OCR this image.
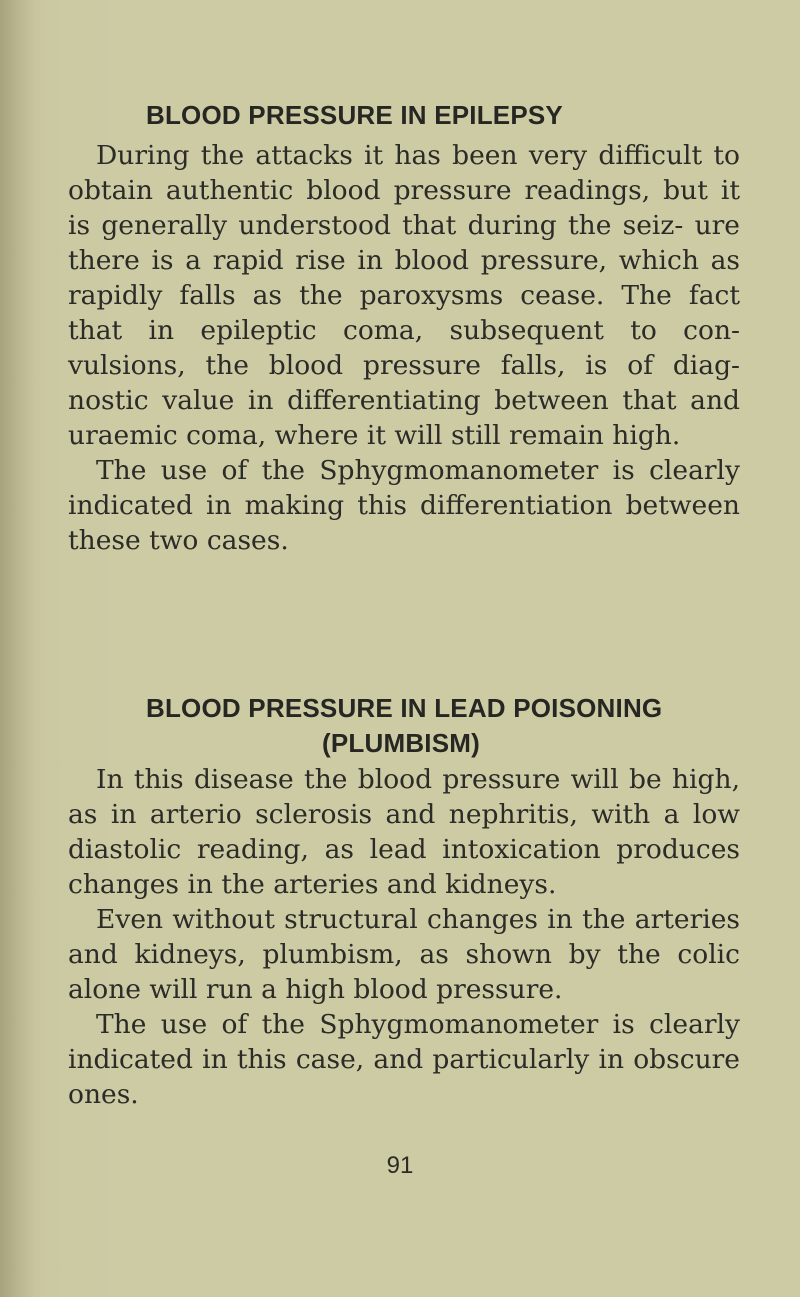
BLOOD PRESSURE IN EPILEPSY

During the attacks it has been very difficult to obtain authentic blood pressure readings, but it is generally understood that during the seiz- ure there is a rapid rise in blood pressure, which as rapidly falls as the paroxysms cease. The fact that in epileptic coma, subsequent to con- vulsions, the blood pressure falls, is of diag- nostic value in differentiating between that and uraemic coma, where it will still remain high.

The use of the Sphygmomanometer is clearly indicated in making this differentiation between these two cases.

BLOOD PRESSURE IN LEAD POISONING
(PLUMBISM)

In this disease the blood pressure will be high, as in arterio sclerosis and nephritis, with a low diastolic reading, as lead intoxication produces changes in the arteries and kidneys.

Even without structural changes in the arteries and kidneys, plumbism, as shown by the colic alone will run a high blood pressure.

The use of the Sphygmomanometer is clearly indicated in this case, and particularly in obscure ones.

91
